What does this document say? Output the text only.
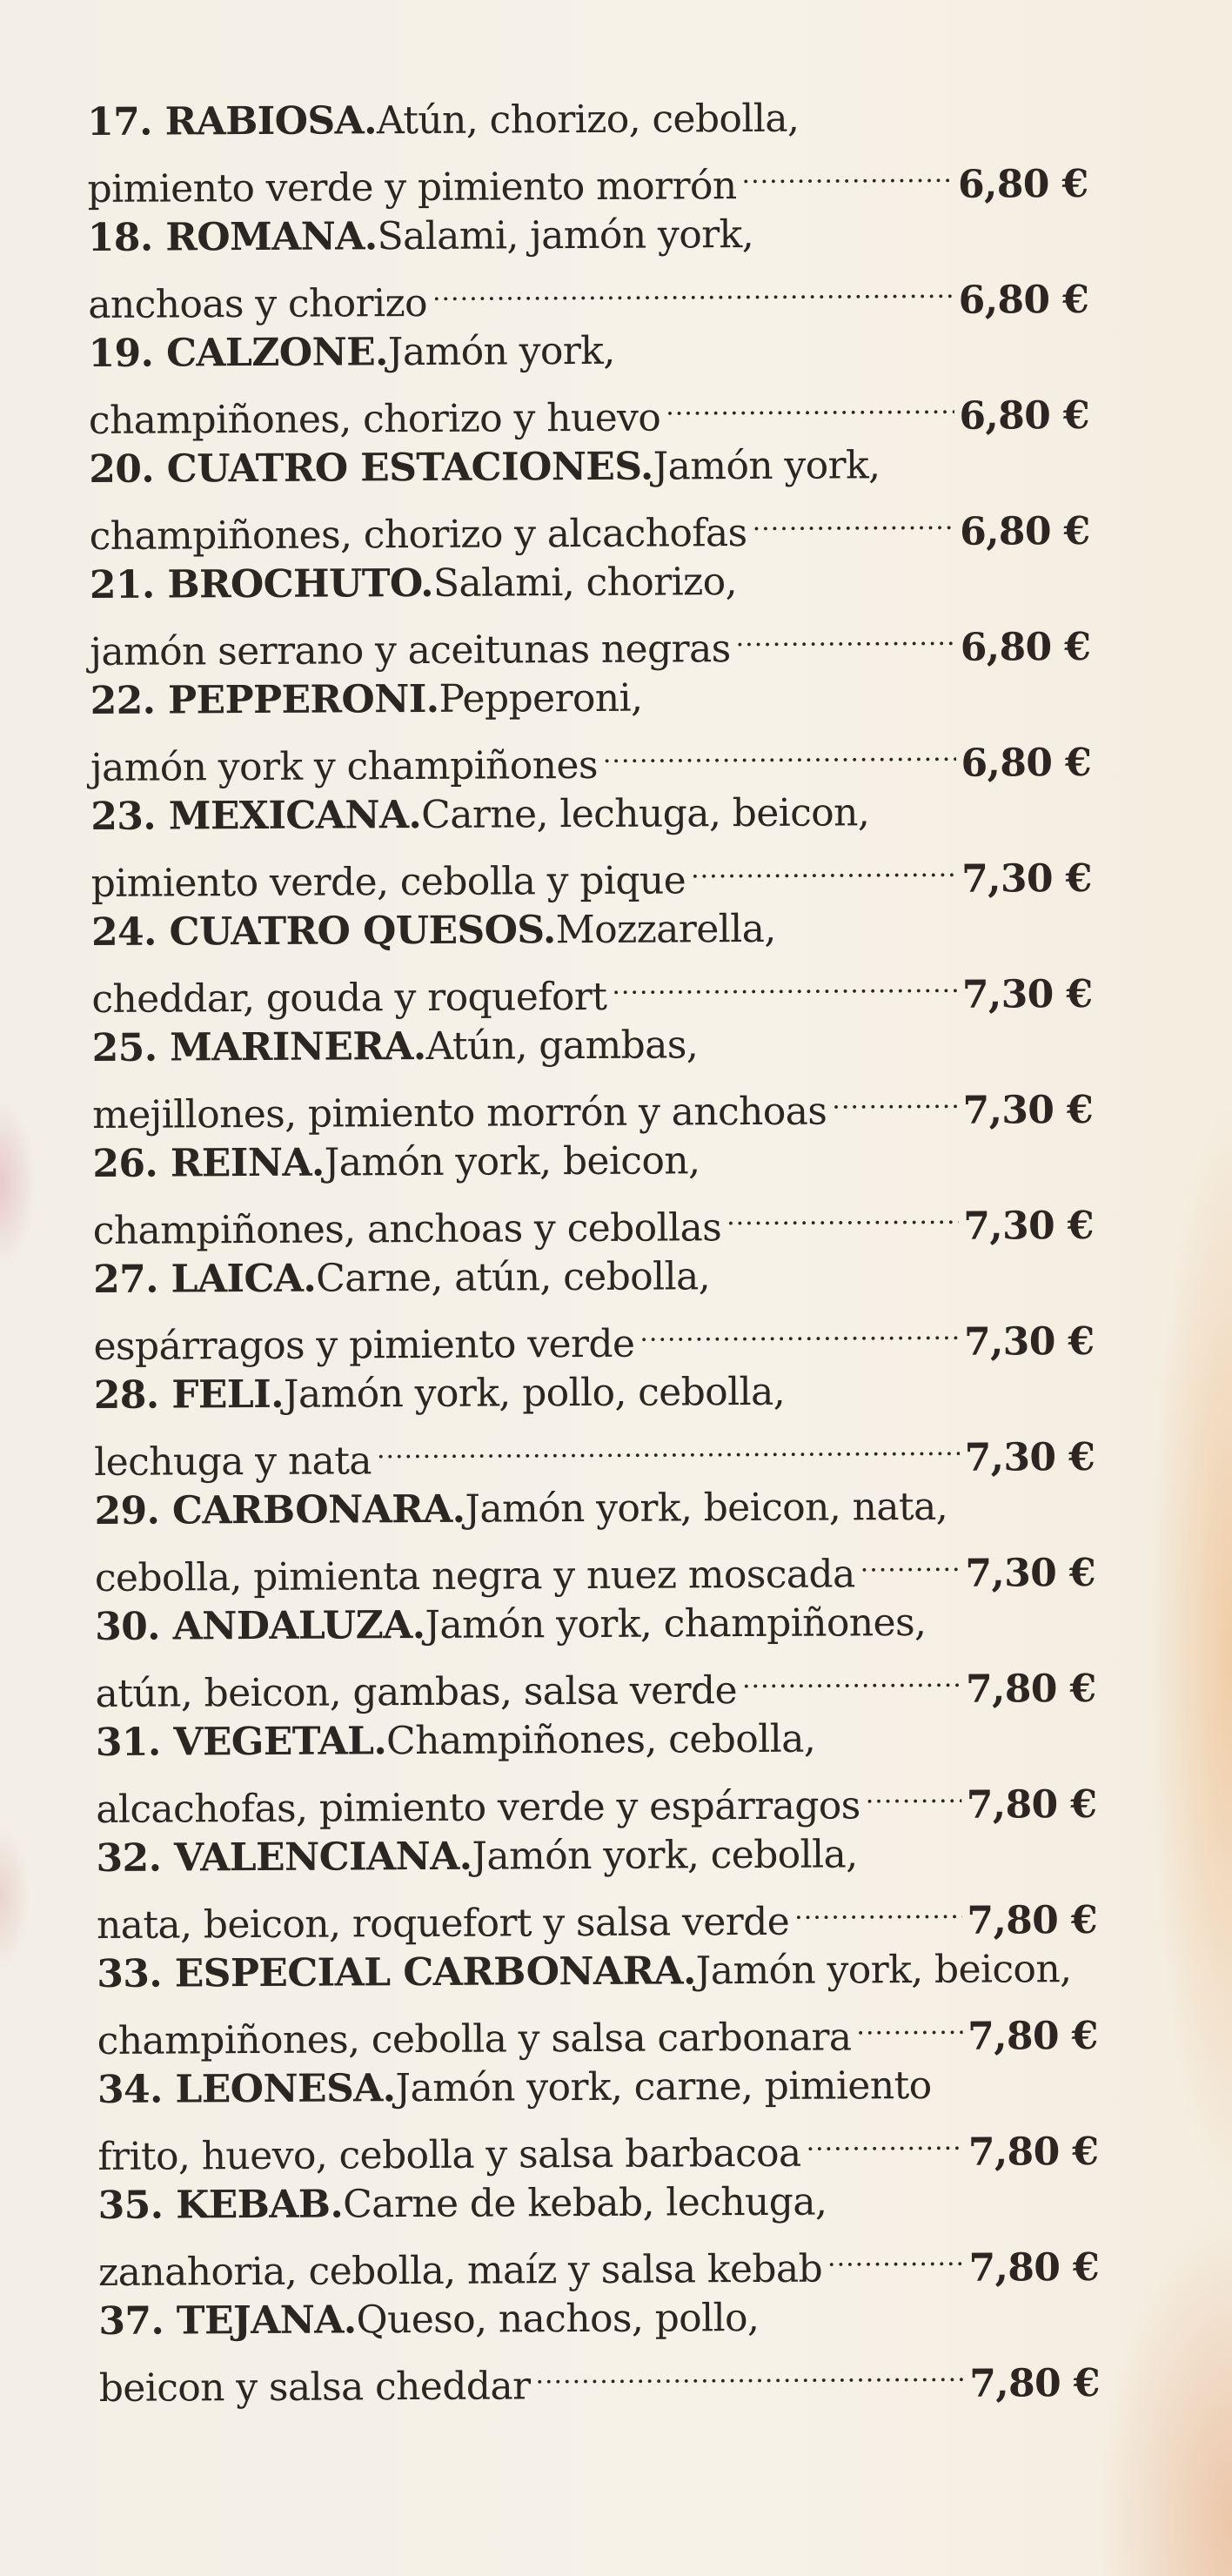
17. RABIOSA. Atún, chorizo, cebolla,
pimiento verde y pimiento morrón .....	6,80 €
18. ROMANA. Salami, jamón york,
anchoas y chorizo .....	6,80 €
19. CALZONE. Jamón york,
champiñones, chorizo y huevo .....	6,80 €
20. CUATRO ESTACIONES. Jamón york,
champiñones, chorizo y alcachofas .....	6,80 €
21. BROCHUTO. Salami, chorizo,
jamón serrano y aceitunas negras .....	6,80 €
22. PEPPERONI. Pepperoni,
jamón york y champiñones .....	6,80 €
23. MEXICANA. Carne, lechuga, beicon,
pimiento verde, cebolla y pique .....	7,30 €
24. CUATRO QUESOS. Mozzarella,
cheddar, gouda y roquefort .....	7,30 €
25. MARINERA. Atún, gambas,
mejillones, pimiento morrón y anchoas .....	7,30 €
26. REINA. Jamón york, beicon,
champiñones, anchoas y cebollas .....	7,30 €
27. LAICA. Carne, atún, cebolla,
espárragos y pimiento verde .....	7,30 €
28. FELI. Jamón york, pollo, cebolla,
lechuga y nata .....	7,30 €
29. CARBONARA. Jamón york, beicon, nata,
cebolla, pimienta negra y nuez moscada .....	7,30 €
30. ANDALUZA. Jamón york, champiñones,
atún, beicon, gambas, salsa verde .....	7,80 €
31. VEGETAL. Champiñones, cebolla,
alcachofas, pimiento verde y espárragos .....	7,80 €
32. VALENCIANA. Jamón york, cebolla,
nata, beicon, roquefort y salsa verde .....	7,80 €
33. ESPECIAL CARBONARA. Jamón york, beicon,
champiñones, cebolla y salsa carbonara .....	7,80 €
34. LEONESA. Jamón york, carne, pimiento
frito, huevo, cebolla y salsa barbacoa .....	7,80 €
35. KEBAB. Carne de kebab, lechuga,
zanahoria, cebolla, maíz y salsa kebab .....	7,80 €
37. TEJANA. Queso, nachos, pollo,
beicon y salsa cheddar .....	7,80 €
